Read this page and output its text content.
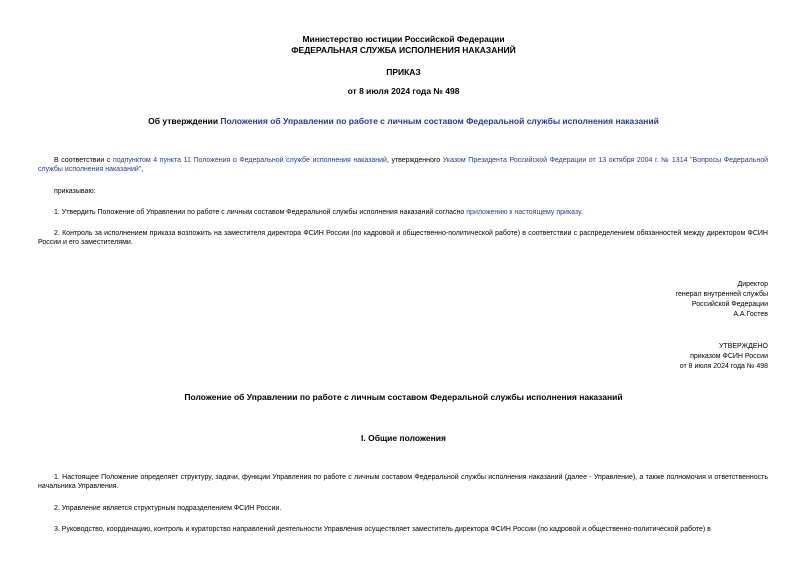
Министерство юстиции Российской Федерации
ФЕДЕРАЛЬНАЯ СЛУЖБА ИСПОЛНЕНИЯ НАКАЗАНИЙ
ПРИКАЗ
от 8 июля 2024 года № 498
Об утверждении Положения об Управлении по работе с личным составом Федеральной службы исполнения наказаний
В соответствии с подпунктом 4 пункта 11 Положения о Федеральной службе исполнения наказаний, утвержденного Указом Президента Российской Федерации от 13 октября 2004 г. № 1314 "Вопросы Федеральной службы исполнения наказаний",
приказываю:
1. Утвердить Положение об Управлении по работе с личным составом Федеральной службы исполнения наказаний согласно приложению к настоящему приказу.
2. Контроль за исполнением приказа возложить на заместителя директора ФСИН России (по кадровой и общественно-политической работе) в соответствии с распределением обязанностей между директором ФСИН России и его заместителями.
Директор
генерал внутренней службы
Российской Федерации
А.А.Гостев
УТВЕРЖДЕНО
приказом ФСИН России
от 8 июля 2024 года № 498
Положение об Управлении по работе с личным составом Федеральной службы исполнения наказаний
I. Общие положения
1. Настоящее Положение определяет структуру, задачи, функции Управления по работе с личным составом Федеральной службы исполнения наказаний (далее - Управление), а также полномочия и ответственность начальника Управления.
2. Управление является структурным подразделением ФСИН России.
3. Руководство, координацию, контроль и кураторство направлений деятельности Управления осуществляет заместитель директора ФСИН России (по кадровой и общественно-политической работе) в
